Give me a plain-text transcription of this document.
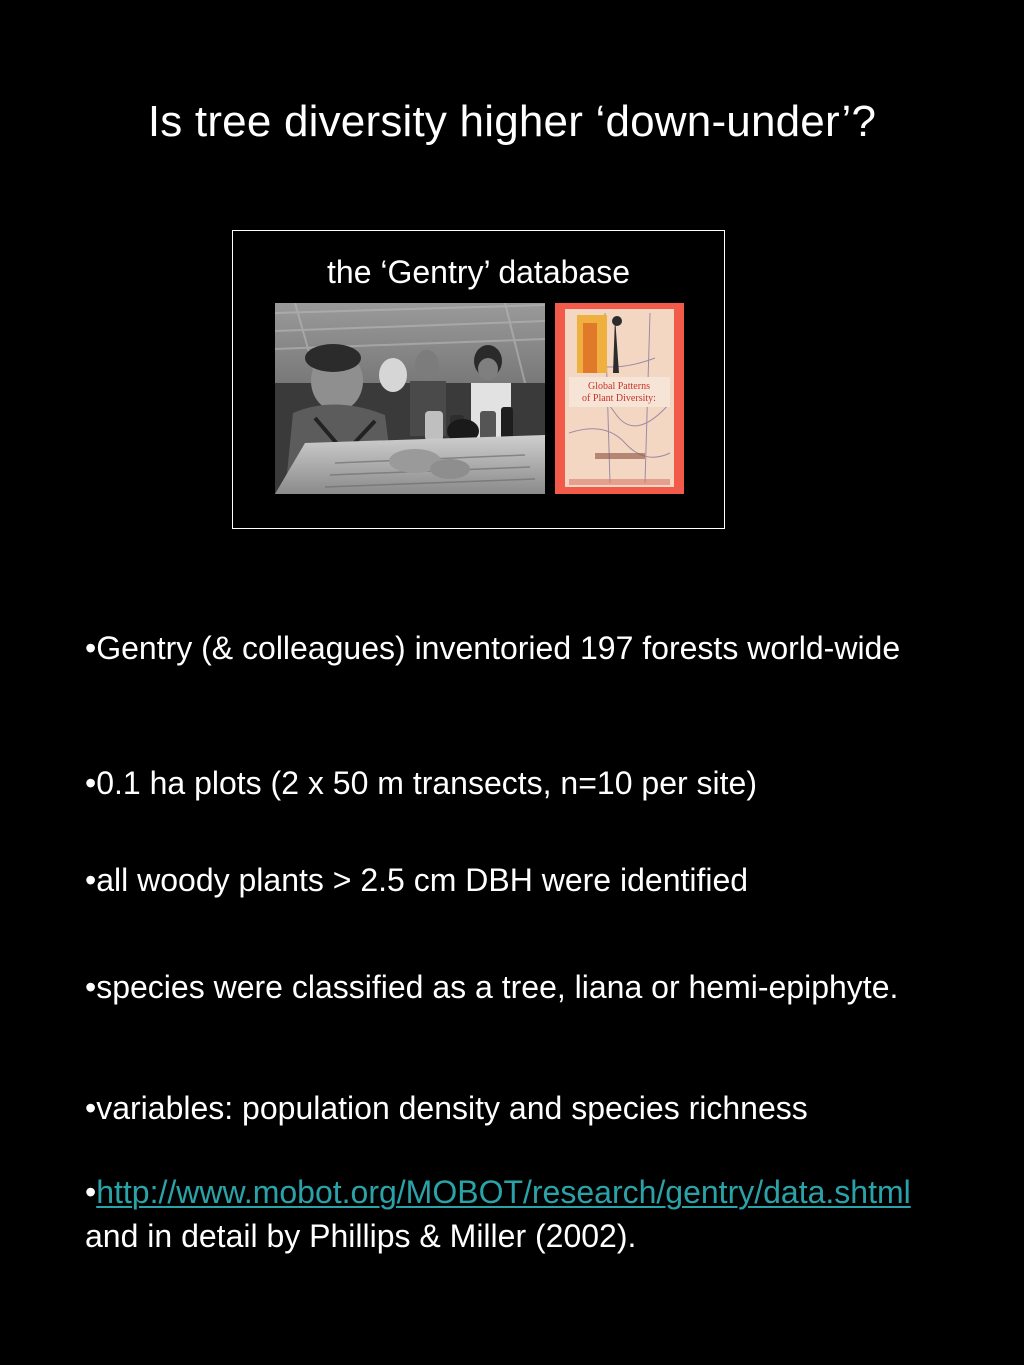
Is tree diversity higher ‘down-under’?
the ‘Gentry’ database
Global Patterns
of Plant Diversity:

•Gentry (& colleagues) inventoried 197 forests world-wide

•0.1 ha plots (2 x 50 m transects, n=10 per site)

•all woody plants > 2.5 cm DBH were identified

•species were classified as a tree, liana or hemi-epiphyte.

•variables: population density and species richness

•http://www.mobot.org/MOBOT/research/gentry/data.shtml and in detail by Phillips & Miller (2002).
